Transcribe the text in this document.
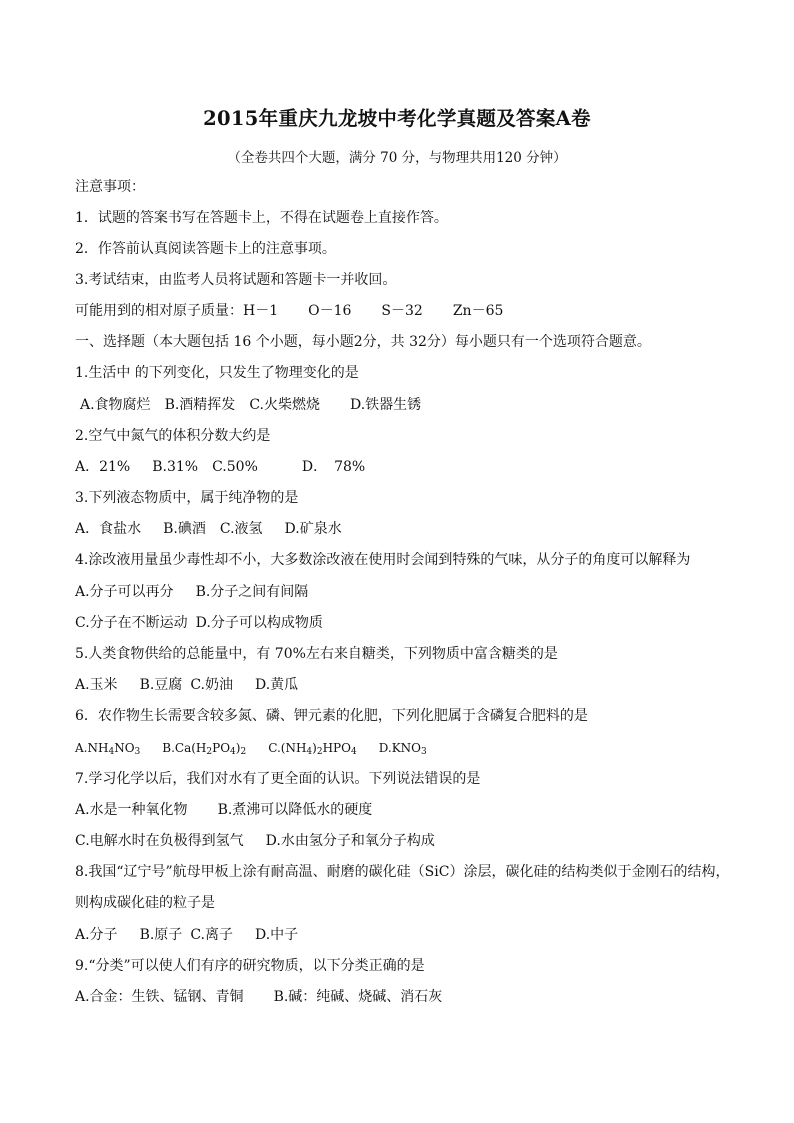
2015年重庆九龙坡中考化学真题及答案A卷
（全卷共四个大题，满分 70 分，与物理共用120 分钟）
注意事项：
1．试题的答案书写在答题卡上，不得在试题卷上直接作答。
2．作答前认真阅读答题卡上的注意事项。
3.考试结束，由监考人员将试题和答题卡一并收回。
可能用到的相对原子质量：H－1 O－16 S－32 Zn－65
一、选择题（本大题包括 16 个小题，每小题2分，共 32分）每小题只有一个选项符合题意。
1.生活中 的下列变化，只发生了物理变化的是
A.食物腐烂 B.酒精挥发 C.火柴燃烧 D.铁器生锈
2.空气中氮气的体积分数大约是
A．21% B.31% C.50%	D．　78%
3.下列液态物质中，属于纯净物的是
A．食盐水 B.碘酒 C.液氢 D.矿泉水
4.涂改液用量虽少毒性却不小，大多数涂改液在使用时会闻到特殊的气味，从分子的角度可以解释为
A.分子可以再分 B.分子之间有间隔
C.分子在不断运动 D.分子可以构成物质
5.人类食物供给的总能量中，有 70%左右来自糖类，下列物质中富含糖类的是
A.玉米 B.豆腐 C.奶油 D.黄瓜
6．农作物生长需要含较多氮、磷、钾元素的化肥，下列化肥属于含磷复合肥料的是
A.NH4NO3 B.Ca(H2PO4)2 C.(NH4)2HPO4 D.KNO3
7.学习化学以后，我们对水有了更全面的认识。下列说法错误的是
A.水是一种氧化物 B.煮沸可以降低水的硬度
C.电解水时在负极得到氢气 D.水由氢分子和氧分子构成
8.我国“辽宁号”航母甲板上涂有耐高温、耐磨的碳化硅（SiC）涂层，碳化硅的结构类似于金刚石的结构，则构成碳化硅的粒子是
A.分子 B.原子 C.离子 D.中子
9.“分类”可以使人们有序的研究物质，以下分类正确的是
A.合金：生铁、锰钢、青铜 B.碱：纯碱、烧碱、消石灰
